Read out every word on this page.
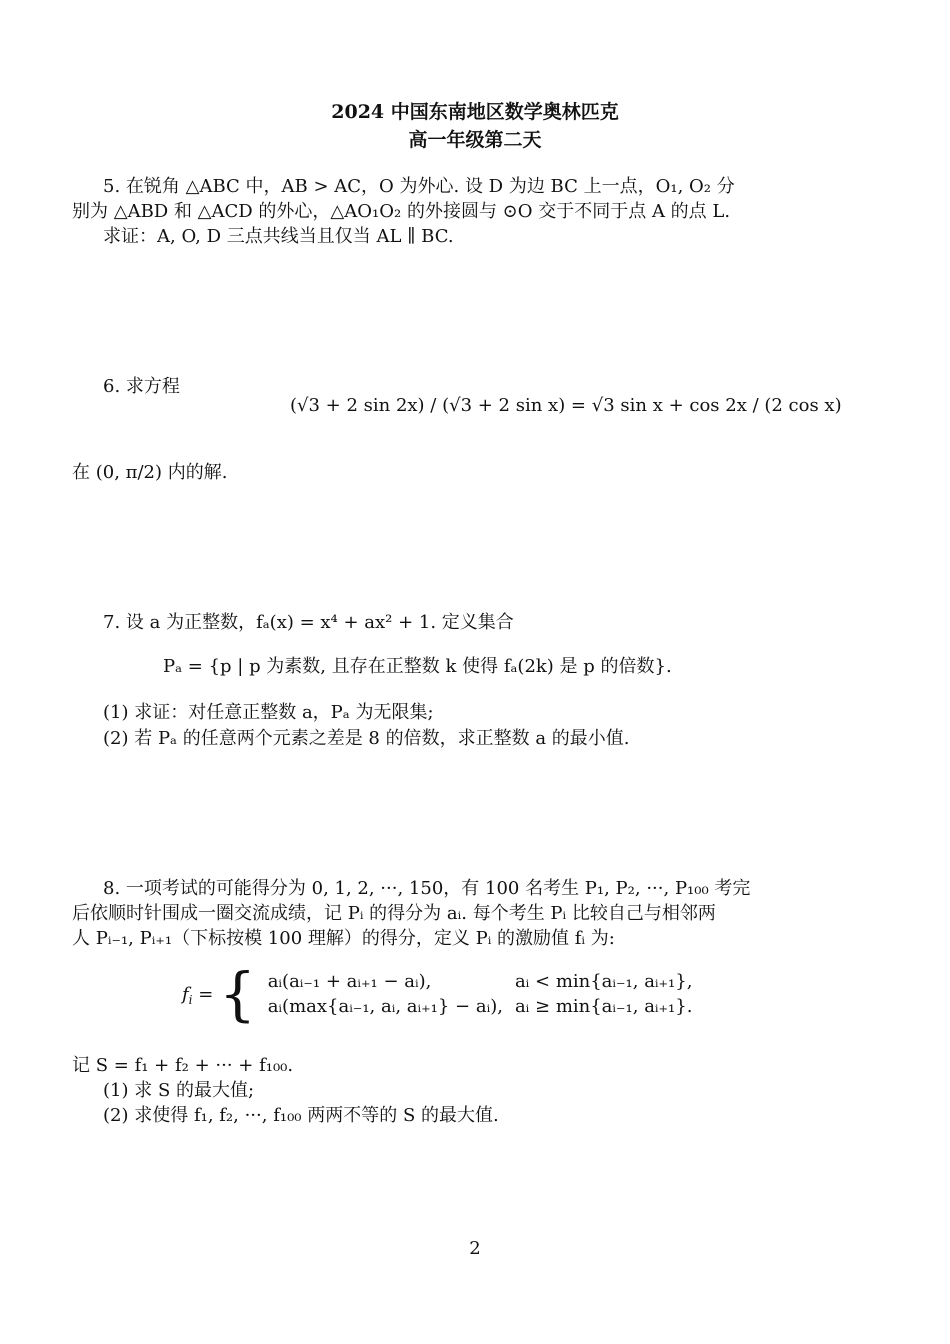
2024 中国东南地区数学奥林匹克
高一年级第二天
5. 在锐角 △ABC 中，AB > AC，O 为外心. 设 D 为边 BC 上一点，O₁, O₂ 分
别为 △ABD 和 △ACD 的外心，△AO₁O₂ 的外接圆与 ⊙O 交于不同于点 A 的点 L.
求证：A, O, D 三点共线当且仅当 AL ∥ BC.
6. 求方程
(√3 + 2 sin 2x) / (√3 + 2 sin x) = √3 sin x + cos 2x / (2 cos x)
在 (0, π/2) 内的解.
7. 设 a 为正整数，fₐ(x) = x⁴ + ax² + 1. 定义集合
Pₐ = {p | p 为素数, 且存在正整数 k 使得 fₐ(2k) 是 p 的倍数}.
(1) 求证：对任意正整数 a，Pₐ 为无限集;
(2) 若 Pₐ 的任意两个元素之差是 8 的倍数，求正整数 a 的最小值.
8. 一项考试的可能得分为 0, 1, 2, ···, 150，有 100 名考生 P₁, P₂, ···, P₁₀₀ 考完
后依顺时针围成一圈交流成绩，记 Pᵢ 的得分为 aᵢ. 每个考生 Pᵢ 比较自己与相邻两
人 Pᵢ₋₁, Pᵢ₊₁（下标按模 100 理解）的得分，定义 Pᵢ 的激励值 fᵢ 为:
$f_i$ = { aᵢ(aᵢ₋₁ + aᵢ₊₁ − aᵢ),	aᵢ < min{aᵢ₋₁, aᵢ₊₁},
aᵢ(max{aᵢ₋₁, aᵢ, aᵢ₊₁} − aᵢ),	aᵢ ≥ min{aᵢ₋₁, aᵢ₊₁}.
记 S = f₁ + f₂ + ··· + f₁₀₀.
(1) 求 S 的最大值;
(2) 求使得 f₁, f₂, ···, f₁₀₀ 两两不等的 S 的最大值.
2
